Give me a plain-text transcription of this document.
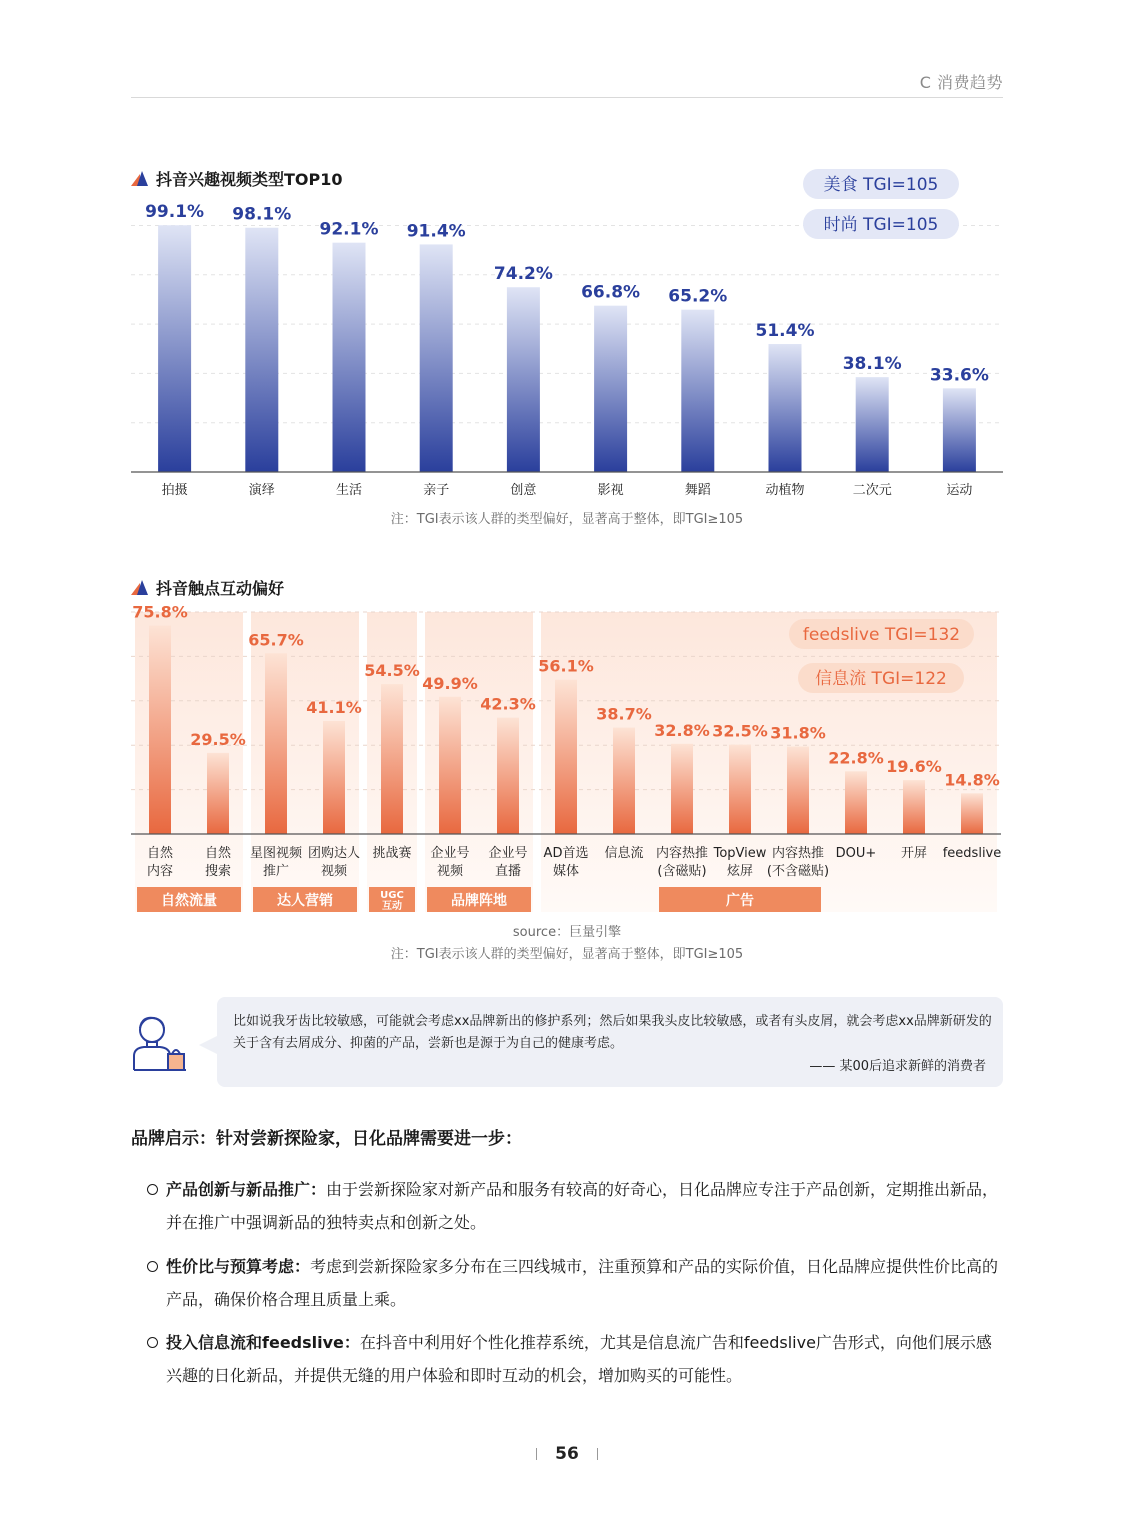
C 消费趋势
抖音兴趣视频类型TOP10
99.1%
拍摄
98.1%
演绎
92.1%
生活
91.4%
亲子
74.2%
创意
66.8%
影视
65.2%
舞蹈
51.4%
动植物
38.1%
二次元
33.6%
运动
美食 TGI=105
时尚 TGI=105
注：TGI表示该人群的类型偏好，显著高于整体，即TGI≥105
抖音触点互动偏好
75.8%
自然
内容
29.5%
自然
搜索
65.7%
星图视频
推广
41.1%
团购达人
视频
54.5%
挑战赛
49.9%
企业号
视频
42.3%
企业号
直播
56.1%
AD首选
媒体
38.7%
信息流
32.8%
内容热推
(含磁贴)
32.5%
TopView
炫屏
31.8%
内容热推
(不含磁贴)
22.8%
DOU+
19.6%
开屏
14.8%
feedslive
自然流量	达人营销	UGC
互动	品牌阵地	广告
feedslive TGI=132
信息流 TGI=122
source：巨量引擎
注：TGI表示该人群的类型偏好，显著高于整体，即TGI≥105
比如说我牙齿比较敏感，可能就会考虑xx品牌新出的修护系列；然后如果我头皮比较敏感，或者有头皮屑，就会考虑xx品牌新研发的关于含有去屑成分、抑菌的产品，尝新也是源于为自己的健康考虑。
—— 某00后追求新鲜的消费者
品牌启示：针对尝新探险家，日化品牌需要进一步：
产品创新与新品推广：由于尝新探险家对新产品和服务有较高的好奇心，日化品牌应专注于产品创新，定期推出新品，并在推广中强调新品的独特卖点和创新之处。
性价比与预算考虑：考虑到尝新探险家多分布在三四线城市，注重预算和产品的实际价值，日化品牌应提供性价比高的产品，确保价格合理且质量上乘。
投入信息流和feedslive：在抖音中利用好个性化推荐系统，尤其是信息流广告和feedslive广告形式，向他们展示感兴趣的日化新品，并提供无缝的用户体验和即时互动的机会，增加购买的可能性。
56
